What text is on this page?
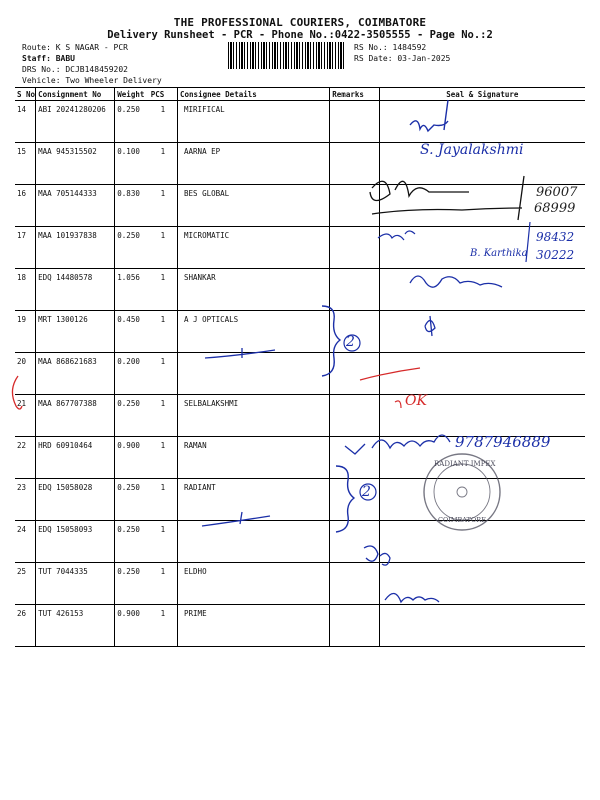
THE PROFESSIONAL COURIERS, COIMBATORE
Delivery Runsheet - PCR - Phone No.:0422-3505555 - Page No.:2
Route: K S NAGAR - PCR
Staff: BABU
DRS No.: DCJB148459202
Vehicle: Two Wheeler Delivery
RS No.: 1484592
RS Date: 03-Jan-2025
S No	Consignment No	Weight	PCS	Consignee Details	Remarks	Seal & Signature
14	ABI 20241280206	0.250	1	MIRIFICAL		
15	MAA 945315502	0.100	1	AARNA EP		
16	MAA 705144333	0.830	1	BES GLOBAL		
17	MAA 101937838	0.250	1	MICROMATIC		
18	EDQ 14480578	1.056	1	SHANKAR		
19	MRT 1300126	0.450	1	A J OPTICALS		
20	MAA 868621683	0.200	1			
21	MAA 867707388	0.250	1	SELBALAKSHMI		
22	HRD 60910464	0.900	1	RAMAN		
23	EDQ 15058028	0.250	1	RADIANT		
24	EDQ 15058093	0.250	1			
25	TUT 7044335	0.250	1	ELDHO		
26	TUT 426153	0.900	1	PRIME		
S. Jayalakshmi
96007
68999
B. Karthika
98432
30222
9787946889
OK
2
2
RADIANT IMPEX
COIMBATORE
